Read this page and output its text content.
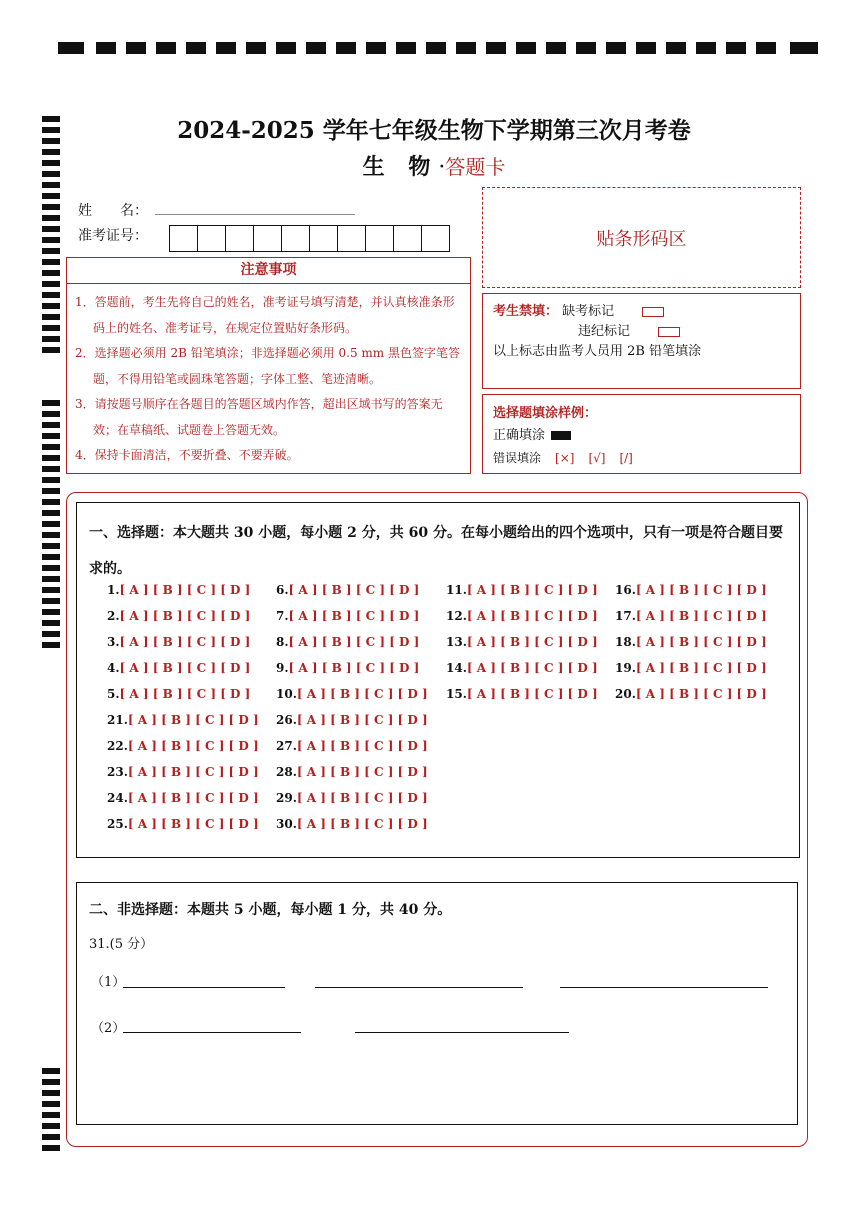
2024-2025 学年七年级生物下学期第三次月考卷
生 物·答题卡
姓　　名：
准考证号：	贴条形码区
注意事项

1．答题前，考生先将自己的姓名，准考证号填写清楚，并认真核准条形码上的姓名、准考证号，在规定位置贴好条形码。

2．选择题必须用 2B 铅笔填涂；非选择题必须用 0.5 mm 黑色签字笔答题，不得用铅笔或圆珠笔答题；字体工整、笔迹清晰。

3．请按题号顺序在各题目的答题区域内作答，超出区域书写的答案无效；在草稿纸、试题卷上答题无效。

4．保持卡面清洁，不要折叠、不要弄破。

考生禁填： 缺考标记
违纪标记
以上标志由监考人员用 2B 铅笔填涂
选择题填涂样例：
正确填涂
错误填涂 [×] [√] [/]
一、选择题：本大题共 30 小题，每小题 2 分，共 60 分。在每小题给出的四个选项中，只有一项是符合题目要求的。
1.[ A ] [ B ] [ C ] [ D ]
2.[ A ] [ B ] [ C ] [ D ]
3.[ A ] [ B ] [ C ] [ D ]
4.[ A ] [ B ] [ C ] [ D ]
5.[ A ] [ B ] [ C ] [ D ]
6.[ A ] [ B ] [ C ] [ D ]
7.[ A ] [ B ] [ C ] [ D ]
8.[ A ] [ B ] [ C ] [ D ]
9.[ A ] [ B ] [ C ] [ D ]
10.[ A ] [ B ] [ C ] [ D ]
11.[ A ] [ B ] [ C ] [ D ]
12.[ A ] [ B ] [ C ] [ D ]
13.[ A ] [ B ] [ C ] [ D ]
14.[ A ] [ B ] [ C ] [ D ]
15.[ A ] [ B ] [ C ] [ D ]
16.[ A ] [ B ] [ C ] [ D ]
17.[ A ] [ B ] [ C ] [ D ]
18.[ A ] [ B ] [ C ] [ D ]
19.[ A ] [ B ] [ C ] [ D ]
20.[ A ] [ B ] [ C ] [ D ]
21.[ A ] [ B ] [ C ] [ D ]
22.[ A ] [ B ] [ C ] [ D ]
23.[ A ] [ B ] [ C ] [ D ]
24.[ A ] [ B ] [ C ] [ D ]
25.[ A ] [ B ] [ C ] [ D ]
26.[ A ] [ B ] [ C ] [ D ]
27.[ A ] [ B ] [ C ] [ D ]
28.[ A ] [ B ] [ C ] [ D ]
29.[ A ] [ B ] [ C ] [ D ]
30.[ A ] [ B ] [ C ] [ D ]
二、非选择题：本题共 5 小题，每小题 1 分，共 40 分。
31.(5 分）
（1）
（2）
